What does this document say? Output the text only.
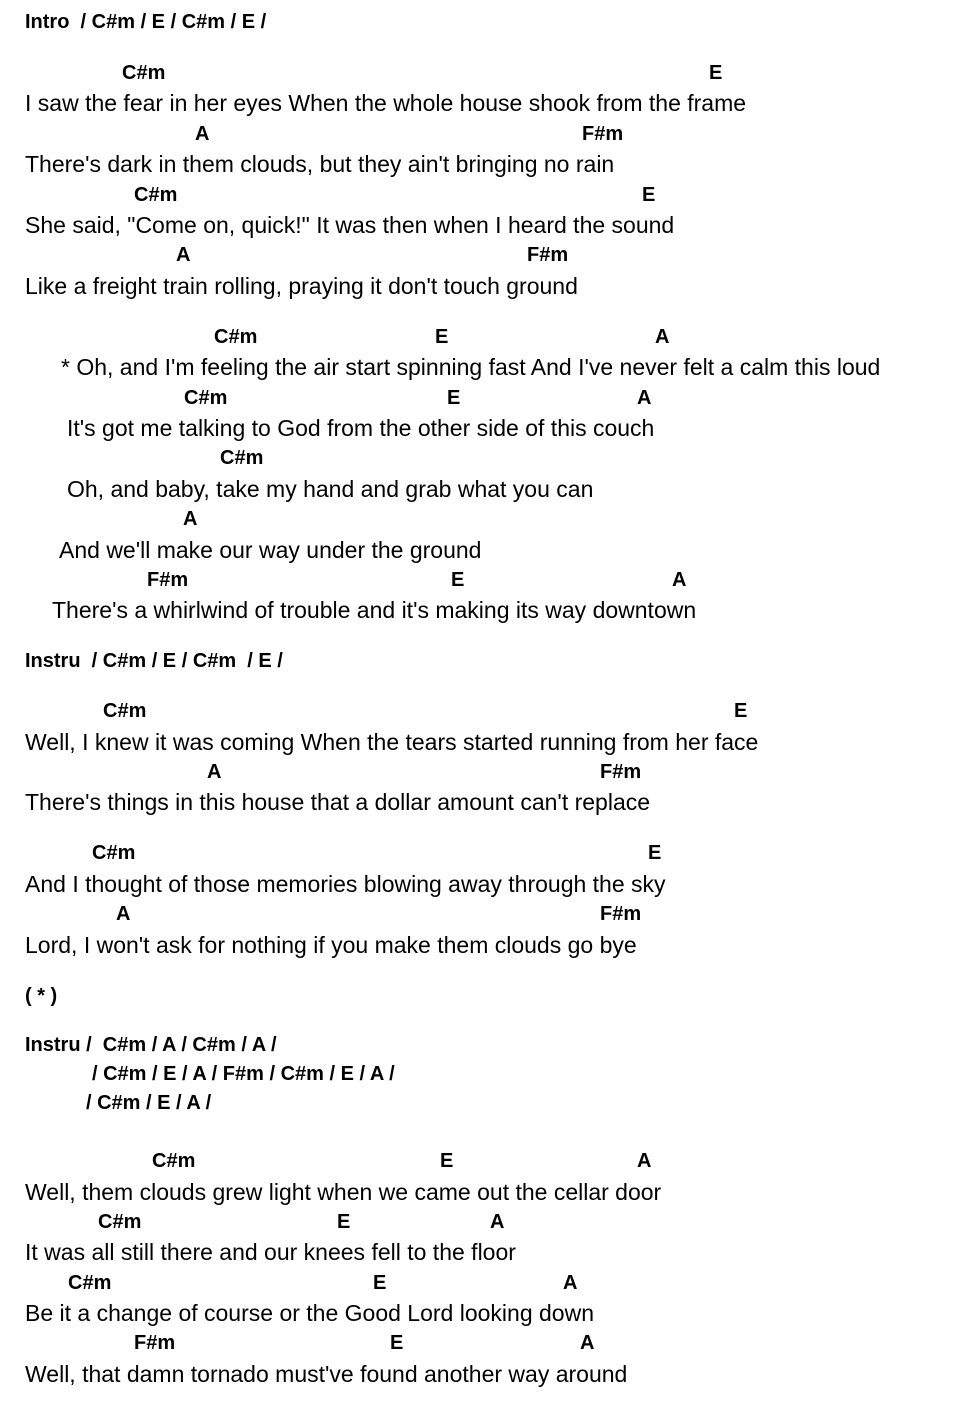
Intro  / C#m / E / C#m / E /
C#m	E
I saw the fear in her eyes When the whole house shook from the frame
A	F#m
There's dark in them clouds, but they ain't bringing no rain
C#m	E
She said, "Come on, quick!" It was then when I heard the sound
A	F#m
Like a freight train rolling, praying it don't touch ground
C#m	E	A
* Oh, and I'm feeling the air start spinning fast And I've never felt a calm this loud
C#m	E	A
It's got me talking to God from the other side of this couch
C#m
Oh, and baby, take my hand and grab what you can
A
And we'll make our way under the ground
F#m	E	A
There's a whirlwind of trouble and it's making its way downtown
Instru  / C#m / E / C#m  / E /
C#m	E
Well, I knew it was coming When the tears started running from her face
A	F#m
There's things in this house that a dollar amount can't replace
C#m	E
And I thought of those memories blowing away through the sky
A	F#m
Lord, I won't ask for nothing if you make them clouds go bye
( * )
Instru /  C#m / A / C#m / A /
/ C#m / E / A / F#m / C#m / E / A /
/ C#m / E / A /
C#m	E	A
Well, them clouds grew light when we came out the cellar door
C#m	E	A
It was all still there and our knees fell to the floor
C#m	E	A
Be it a change of course or the Good Lord looking down
F#m	E	A
Well, that damn tornado must've found another way around
